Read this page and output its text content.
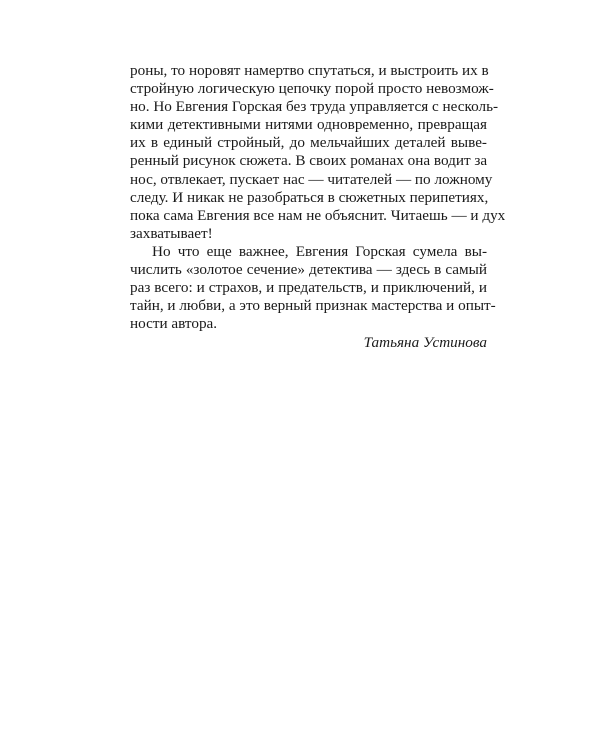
роны, то норовят намертво спутаться, и выстроить их в
стройную логическую цепочку порой просто невозмож-
но. Но Евгения Горская без труда управляется с несколь-
кими детективными нитями одновременно, превращая
их в единый стройный, до мельчайших деталей выве-
ренный рисунок сюжета. В своих романах она водит за
нос, отвлекает, пускает нас — читателей — по ложному
следу. И никак не разобраться в сюжетных перипетиях,
пока сама Евгения все нам не объяснит. Читаешь — и дух
захватывает!
Но что еще важнее, Евгения Горская сумела вы-
числить «золотое сечение» детектива — здесь в самый
раз всего: и страхов, и предательств, и приключений, и
тайн, и любви, а это верный признак мастерства и опыт-
ности автора.
Татьяна Устинова
